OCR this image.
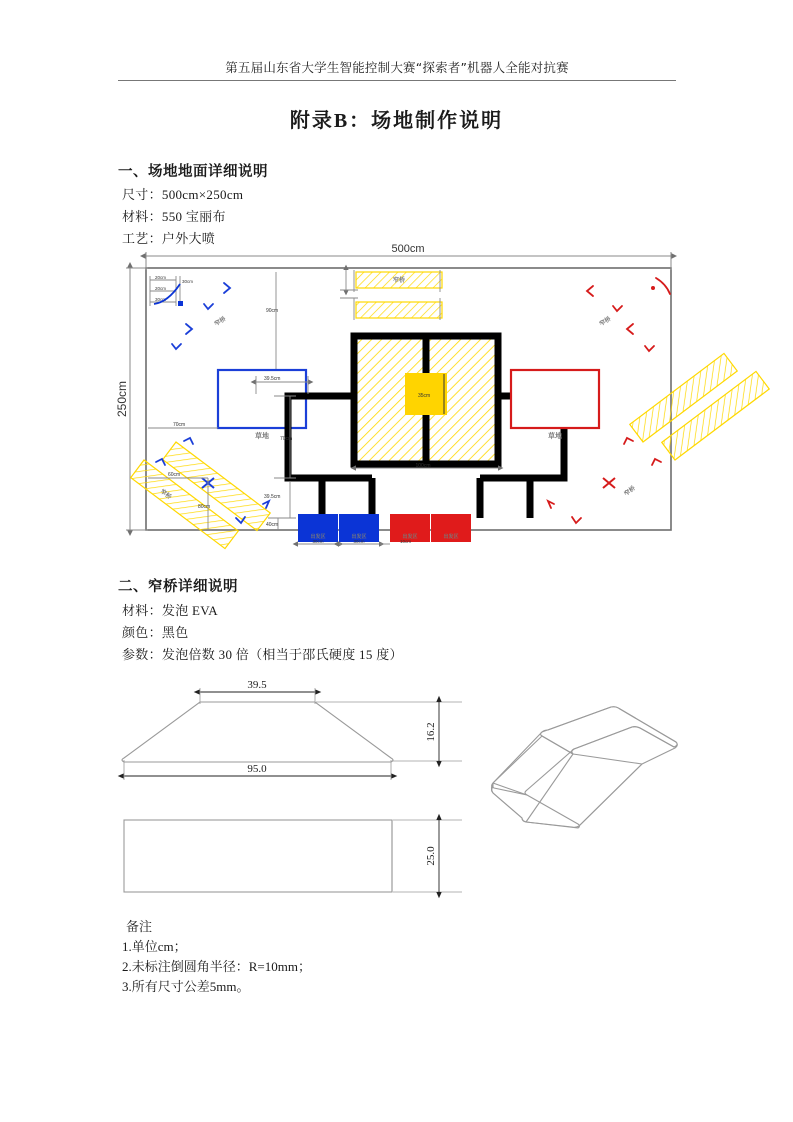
第五届山东省大学生智能控制大赛“探索者”机器人全能对抗赛
附录B：场地制作说明
一、场地地面详细说明
尺寸：500cm×250cm
材料：550 宝丽布
工艺：户外大喷
500cm
250cm
20cm
20cm
30cm
30cm
窄桥
90cm
草地
70cm
窄桥
60cm
80cm
窄桥
35cm
39.5cm
70cm
39.5cm
40cm
100cm
出发区	出发区	出发区	出发区
30cm	30cm	10cm
窄桥
草地
窄桥
二、窄桥详细说明
材料：发泡 EVA
颜色：黑色
参数：发泡倍数 30 倍（相当于邵氏硬度 15 度）
39.5
95.0
16.2
25.0
备注
1.单位cm；
2.未标注倒圆角半径：R=10mm；
3.所有尺寸公差5mm。
